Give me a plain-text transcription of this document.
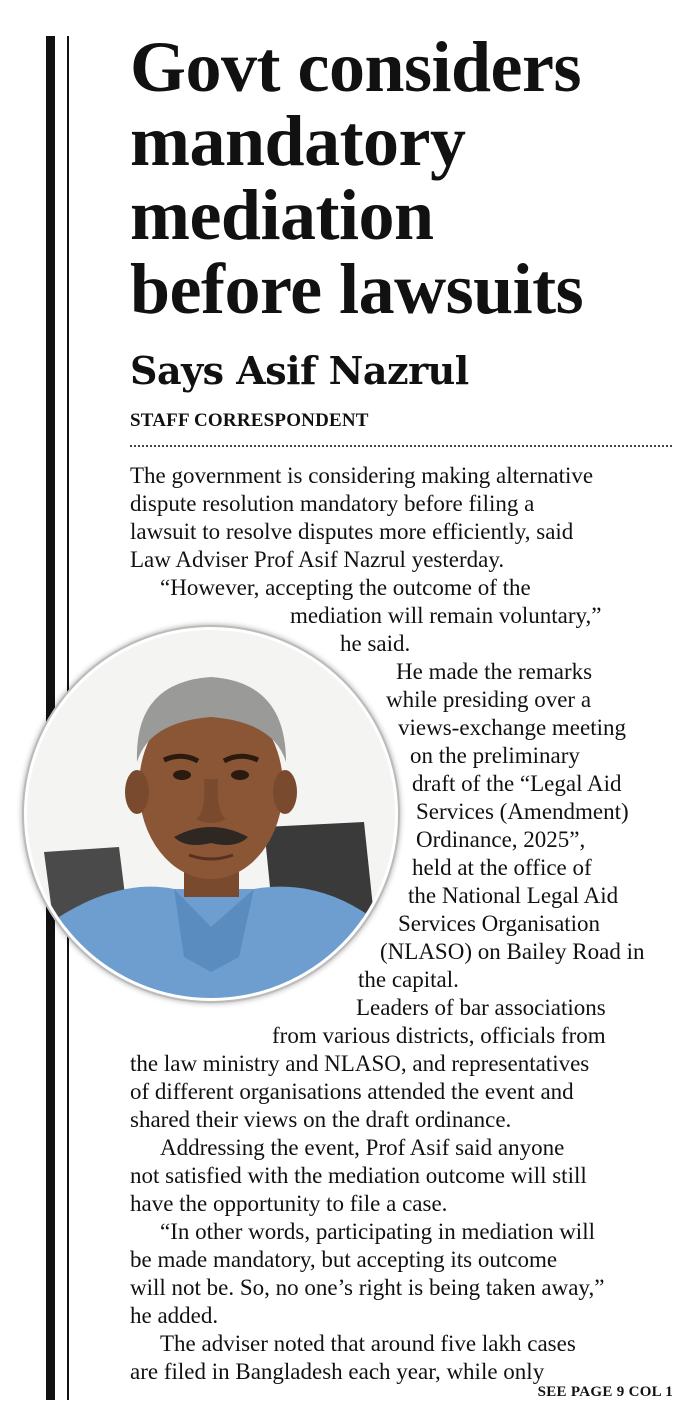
Govt considers
mandatory
mediation
before lawsuits
Says Asif Nazrul
STAFF CORRESPONDENT
The government is considering making alternative
dispute resolution mandatory before filing a
lawsuit to resolve disputes more efficiently, said
Law Adviser Prof Asif Nazrul yesterday.
“However, accepting the outcome of the
mediation will remain voluntary,”
he said.
He made the remarks
while presiding over a
views-exchange meeting
on the preliminary
draft of the “Legal Aid
Services (Amendment)
Ordinance, 2025”,
held at the office of
the National Legal Aid
Services Organisation
(NLASO) on Bailey Road in
the capital.
Leaders of bar associations
from various districts, officials from
the law ministry and NLASO, and representatives
of different organisations attended the event and
shared their views on the draft ordinance.
Addressing the event, Prof Asif said anyone
not satisfied with the mediation outcome will still
have the opportunity to file a case.
“In other words, participating in mediation will
be made mandatory, but accepting its outcome
will not be. So, no one’s right is being taken away,”
he added.
The adviser noted that around five lakh cases
are filed in Bangladesh each year, while only
SEE PAGE 9 COL 1
